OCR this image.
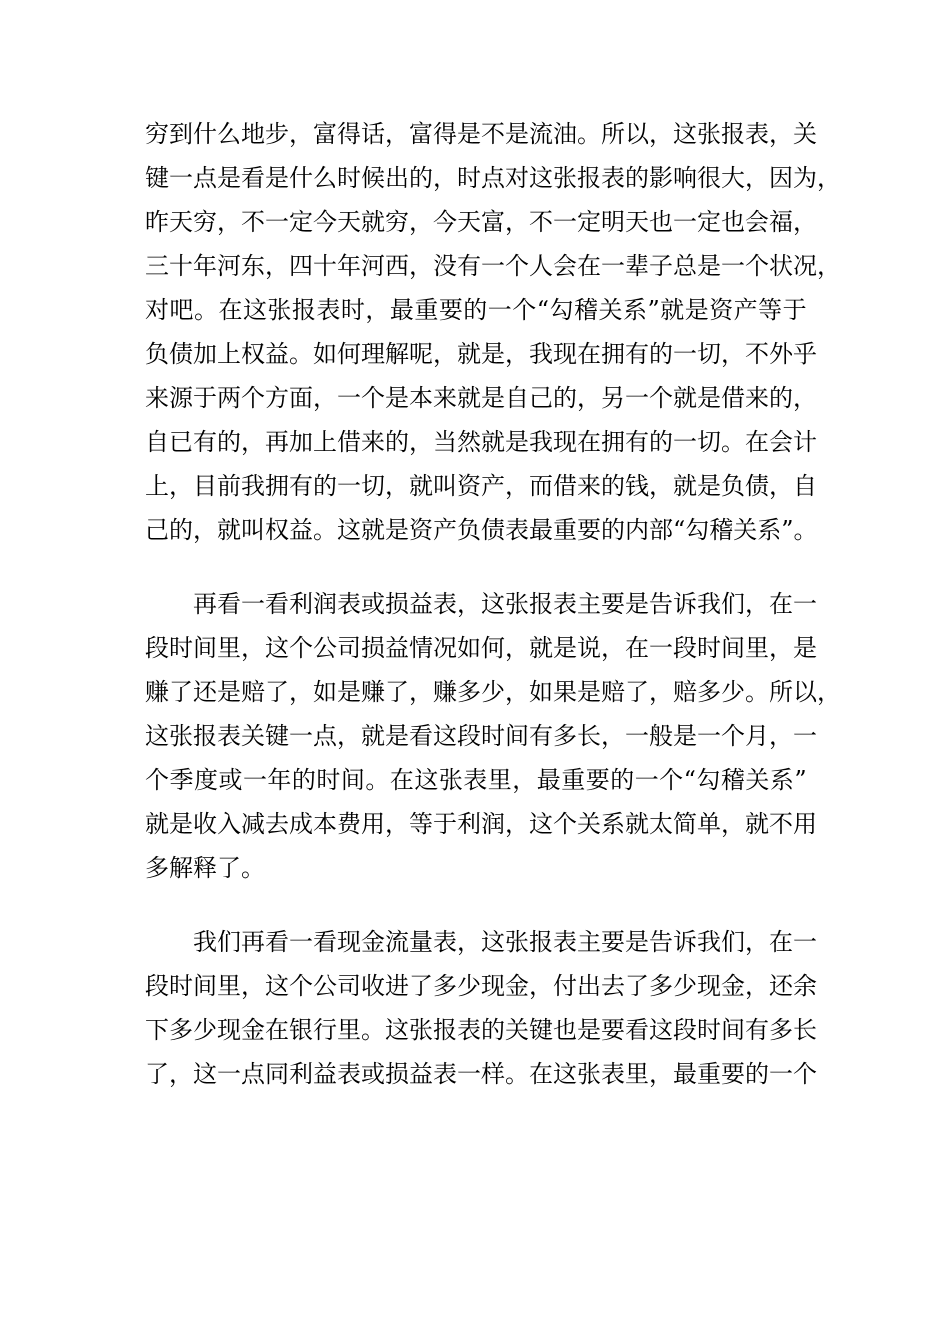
穷 到 什 么 地 步 ， 富 得 话 ， 富 得 是 不 是 流 油 。 所 以 ， 这 张 报 表 ， 关
键 一 点 是 看 是 什 么 时 候 出 的 ， 时 点 对 这 张 报 表 的 影 响 很 大 ， 因 为 ，
昨 天 穷 ， 不 一 定 今 天 就 穷 ， 今 天 富 ， 不 一 定 明 天 也 一 定 也 会 福 ，
三 十 年 河 东 ， 四 十 年 河 西 ， 没 有 一 个 人 会 在 一 辈 子 总 是 一 个 状 况 ，
对 吧 。 在 这 张 报 表 时 ， 最 重 要 的 一 个 “ 勾 稽 关 系 ” 就 是 资 产 等 于
负 债 加 上 权 益 。 如 何 理 解 呢 ， 就 是 ， 我 现 在 拥 有 的 一 切 ， 不 外 乎
来 源 于 两 个 方 面 ， 一 个 是 本 来 就 是 自 己 的 ， 另 一 个 就 是 借 来 的 ，
自 已 有 的 ， 再 加 上 借 来 的 ， 当 然 就 是 我 现 在 拥 有 的 一 切 。 在 会 计
上 ， 目 前 我 拥 有 的 一 切 ， 就 叫 资 产 ， 而 借 来 的 钱 ， 就 是 负 债 ， 自
己的，就叫权益。这就是资产负债表最重要的内部“勾稽关系”。

再 看 一 看 利 润 表 或 损 益 表 ， 这 张 报 表 主 要 是 告 诉 我 们 ， 在 一
段 时 间 里 ， 这 个 公 司 损 益 情 况 如 何 ， 就 是 说 ， 在 一 段 时 间 里 ， 是
赚 了 还 是 赔 了 ， 如 是 赚 了 ， 赚 多 少 ， 如 果 是 赔 了 ， 赔 多 少 。 所 以 ，
这 张 报 表 关 键 一 点 ， 就 是 看 这 段 时 间 有 多 长 ， 一 般 是 一 个 月 ， 一
个 季 度 或 一 年 的 时 间 。 在 这 张 表 里 ， 最 重 要 的 一 个 “ 勾 稽 关 系 ”
就 是 收 入 减 去 成 本 费 用 ， 等 于 利 润 ， 这 个 关 系 就 太 简 单 ， 就 不 用
多解释了。

我 们 再 看 一 看 现 金 流 量 表 ， 这 张 报 表 主 要 是 告 诉 我 们 ， 在 一
段 时 间 里 ， 这 个 公 司 收 进 了 多 少 现 金 ， 付 出 去 了 多 少 现 金 ， 还 余
下 多 少 现 金 在 银 行 里 。 这 张 报 表 的 关 键 也 是 要 看 这 段 时 间 有 多 长
了 ， 这 一 点 同 利 益 表 或 损 益 表 一 样 。 在 这 张 表 里 ， 最 重 要 的 一 个
